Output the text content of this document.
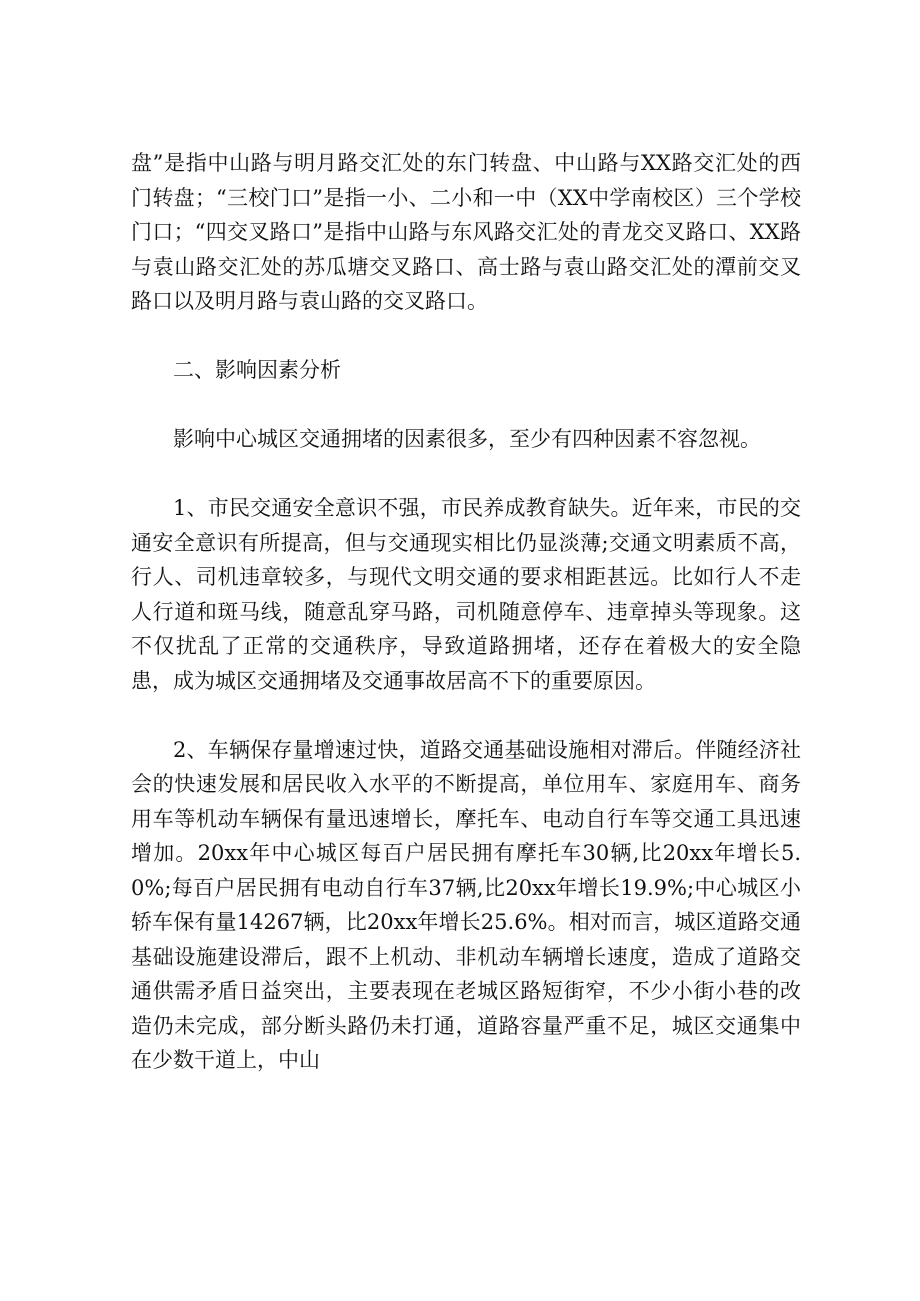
盘”是指中山路与明月路交汇处的东门转盘、中山路与XX路交汇处的西门转盘；“三校门口”是指一小、二小和一中（XX中学南校区）三个学校门口；“四交叉路口”是指中山路与东风路交汇处的青龙交叉路口、XX路与袁山路交汇处的苏瓜塘交叉路口、高士路与袁山路交汇处的潭前交叉路口以及明月路与袁山路的交叉路口。

二、影响因素分析

影响中心城区交通拥堵的因素很多，至少有四种因素不容忽视。

1、市民交通安全意识不强，市民养成教育缺失。近年来，市民的交通安全意识有所提高，但与交通现实相比仍显淡薄;交通文明素质不高，行人、司机违章较多，与现代文明交通的要求相距甚远。比如行人不走人行道和斑马线，随意乱穿马路，司机随意停车、违章掉头等现象。这不仅扰乱了正常的交通秩序，导致道路拥堵，还存在着极大的安全隐患，成为城区交通拥堵及交通事故居高不下的重要原因。

2、车辆保存量增速过快，道路交通基础设施相对滞后。伴随经济社会的快速发展和居民收入水平的不断提高，单位用车、家庭用车、商务用车等机动车辆保有量迅速增长，摩托车、电动自行车等交通工具迅速增加。20xx年中心城区每百户居民拥有摩托车30辆,比20xx年增长5.0%;每百户居民拥有电动自行车37辆,比20xx年增长19.9%;中心城区小轿车保有量14267辆，比20xx年增长25.6%。相对而言，城区道路交通基础设施建设滞后，跟不上机动、非机动车辆增长速度，造成了道路交通供需矛盾日益突出，主要表现在老城区路短街窄，不少小街小巷的改造仍未完成，部分断头路仍未打通，道路容量严重不足，城区交通集中在少数干道上，中山
